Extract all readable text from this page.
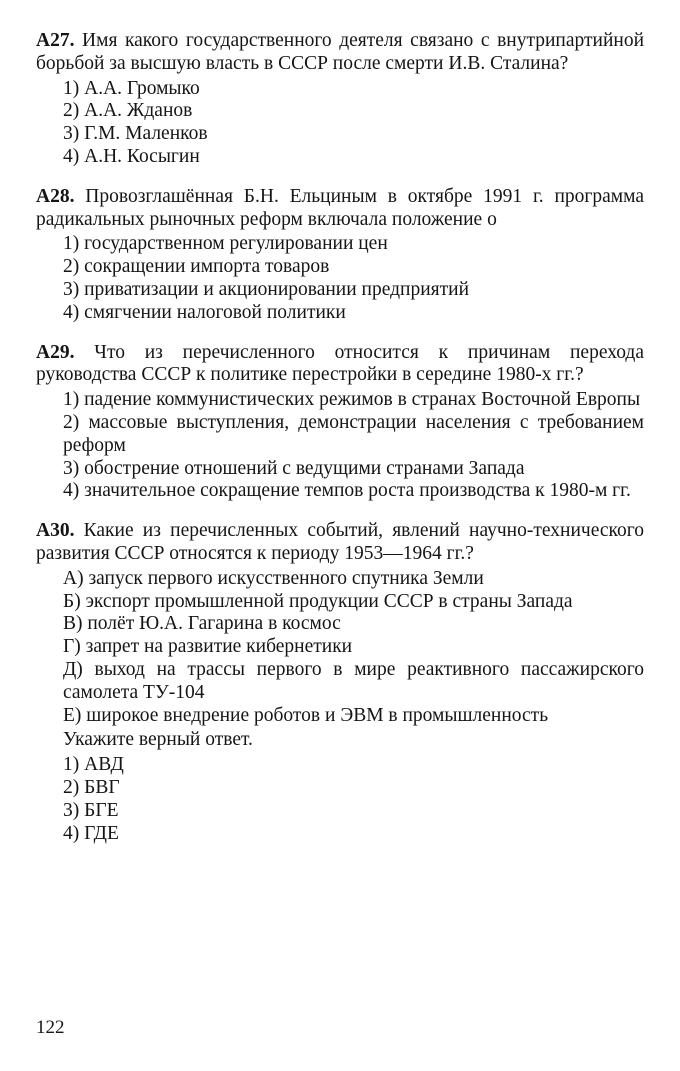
А27. Имя какого государственного деятеля связано с внутрипартийной борьбой за высшую власть в СССР после смерти И.В. Сталина?

1) А.А. Громыко
2) А.А. Жданов
3) Г.М. Маленков
4) А.Н. Косыгин

А28. Провозглашённая Б.Н. Ельциным в октябре 1991 г. программа радикальных рыночных реформ включала положение о

1) государственном регулировании цен
2) сокращении импорта товаров
3) приватизации и акционировании предприятий
4) смягчении налоговой политики

А29. Что из перечисленного относится к причинам перехода руководства СССР к политике перестройки в середине 1980-х гг.?

1) падение коммунистических режимов в странах Восточной Европы
2) массовые выступления, демонстрации населения с требованием реформ
3) обострение отношений с ведущими странами Запада
4) значительное сокращение темпов роста производства к 1980-м гг.

А30. Какие из перечисленных событий, явлений научно-технического развития СССР относятся к периоду 1953—1964 гг.?

А) запуск первого искусственного спутника Земли
Б) экспорт промышленной продукции СССР в страны Запада
В) полёт Ю.А. Гагарина в космос
Г) запрет на развитие кибернетики
Д) выход на трассы первого в мире реактивного пассажирского самолета ТУ-104
Е) широкое внедрение роботов и ЭВМ в промышленность
Укажите верный ответ.
1) АВД
2) БВГ
3) БГЕ
4) ГДЕ
122
